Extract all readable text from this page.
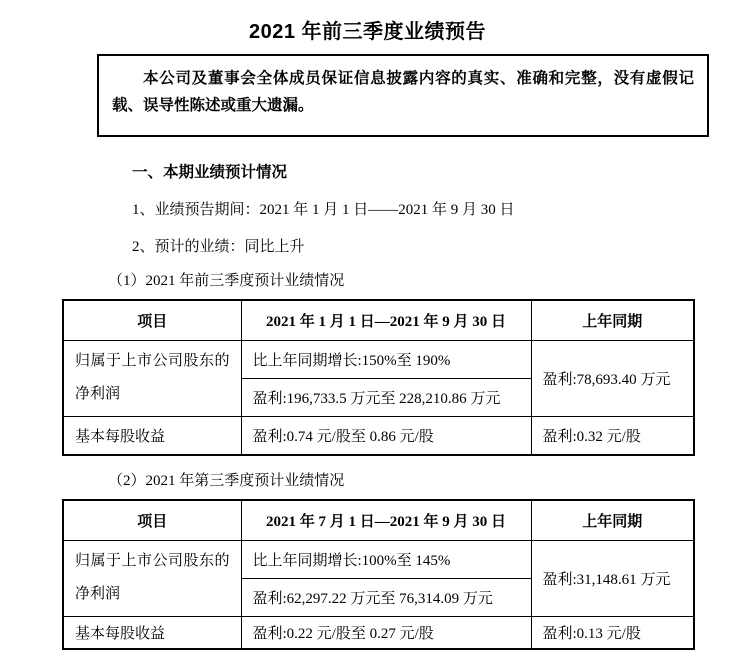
2021 年前三季度业绩预告

本公司及董事会全体成员保证信息披露内容的真实、准确和完整，没有虚假记载、误导性陈述或重大遗漏。

一、本期业绩预计情况

1、业绩预告期间：2021 年 1 月 1 日——2021 年 9 月 30 日

2、预计的业绩：同比上升

（1）2021 年前三季度预计业绩情况

项目	2021 年 1 月 1 日—2021 年 9 月 30 日	上年同期
归属于上市公司股东的净利润	比上年同期增长:150%至 190%	盈利:78,693.40 万元
	盈利:196,733.5 万元至 228,210.86 万元	
基本每股收益	盈利:0.74 元/股至 0.86 元/股	盈利:0.32 元/股

（2）2021 年第三季度预计业绩情况

项目	2021 年 7 月 1 日—2021 年 9 月 30 日	上年同期
归属于上市公司股东的净利润	比上年同期增长:100%至 145%	盈利:31,148.61 万元
	盈利:62,297.22 万元至 76,314.09 万元	
基本每股收益	盈利:0.22 元/股至 0.27 元/股	盈利:0.13 元/股
